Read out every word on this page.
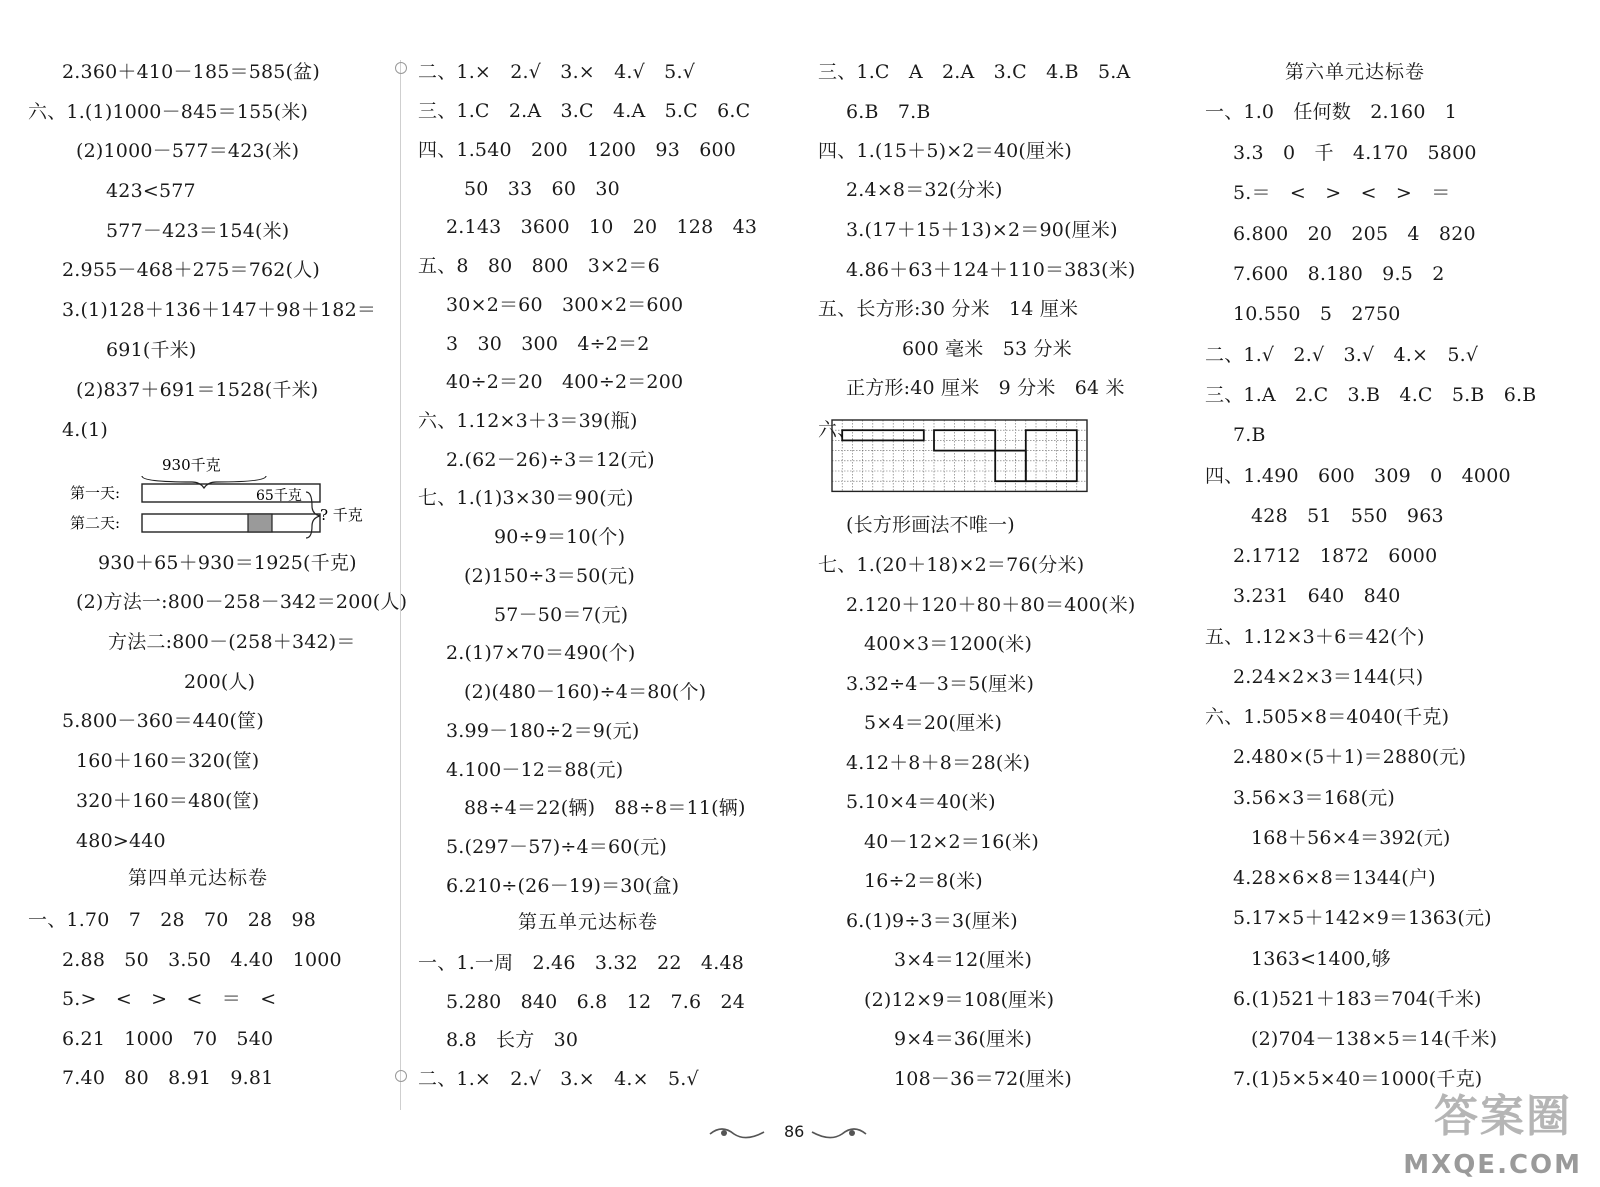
2.360＋410－185＝585(盆)
六、1.(1)1000－845＝155(米)
(2)1000－577＝423(米)
423<577
577－423＝154(米)
2.955－468＋275＝762(人)
3.(1)128＋136＋147＋98＋182＝
691(千米)
(2)837＋691＝1528(千米)
4.(1)
930＋65＋930＝1925(千克)
(2)方法一:800－258－342＝200(人)
方法二:800－(258＋342)＝
200(人)
5.800－360＝440(筐)
160＋160＝320(筐)
320＋160＝480(筐)
480>440
第四单元达标卷
一、1.70　7　28　70　28　98
2.88　50　3.50　4.40　1000
5.>　<　>　<　＝　<
6.21　1000　70　540
7.40　80　8.91　9.81
二、1.×　2.√　3.×　4.√　5.√
三、1.C　2.A　3.C　4.A　5.C　6.C
四、1.540　200　1200　93　600
50　33　60　30
2.143　3600　10　20　128　43
五、8　80　800　3×2＝6
30×2＝60　300×2＝600
3　30　300　4÷2＝2
40÷2＝20　400÷2＝200
六、1.12×3＋3＝39(瓶)
2.(62－26)÷3＝12(元)
七、1.(1)3×30＝90(元)
90÷9＝10(个)
(2)150÷3＝50(元)
57－50＝7(元)
2.(1)7×70＝490(个)
(2)(480－160)÷4＝80(个)
3.99－180÷2＝9(元)
4.100－12＝88(元)
88÷4＝22(辆)　88÷8＝11(辆)
5.(297－57)÷4＝60(元)
6.210÷(26－19)＝30(盒)
第五单元达标卷
一、1.一周　2.46　3.32　22　4.48
5.280　840　6.8　12　7.6　24
8.8　长方　30
二、1.×　2.√　3.×　4.×　5.√
三、1.C　A　2.A　3.C　4.B　5.A
6.B　7.B
四、1.(15＋5)×2＝40(厘米)
2.4×8＝32(分米)
3.(17＋15＋13)×2＝90(厘米)
4.86＋63＋124＋110＝383(米)
五、长方形:30 分米　14 厘米
600 毫米　53 分米
正方形:40 厘米　9 分米　64 米
六、
(长方形画法不唯一)
七、1.(20＋18)×2＝76(分米)
2.120＋120＋80＋80＝400(米)
400×3＝1200(米)
3.32÷4－3＝5(厘米)
5×4＝20(厘米)
4.12＋8＋8＝28(米)
5.10×4＝40(米)
40－12×2＝16(米)
16÷2＝8(米)
6.(1)9÷3＝3(厘米)
3×4＝12(厘米)
(2)12×9＝108(厘米)
9×4＝36(厘米)
108－36＝72(厘米)
第六单元达标卷
一、1.0　任何数　2.160　1
3.3　0　千　4.170　5800
5.＝　<　>　<　>　＝
6.800　20　205　4　820
7.600　8.180　9.5　2
10.550　5　2750
二、1.√　2.√　3.√　4.×　5.√
三、1.A　2.C　3.B　4.C　5.B　6.B
7.B
四、1.490　600　309　0　4000
428　51　550　963
2.1712　1872　6000
3.231　640　840
五、1.12×3＋6＝42(个)
2.24×2×3＝144(只)
六、1.505×8＝4040(千克)
2.480×(5＋1)＝2880(元)
3.56×3＝168(元)
168＋56×4＝392(元)
4.28×6×8＝1344(户)
5.17×5＋142×9＝1363(元)
1363<1400,够
6.(1)521＋183＝704(千米)
(2)704－138×5＝14(千米)
7.(1)5×5×40＝1000(千克)
930千克
第一天:	65千克
第二天:	? 千克
86	答案圈
MXQE.COM
